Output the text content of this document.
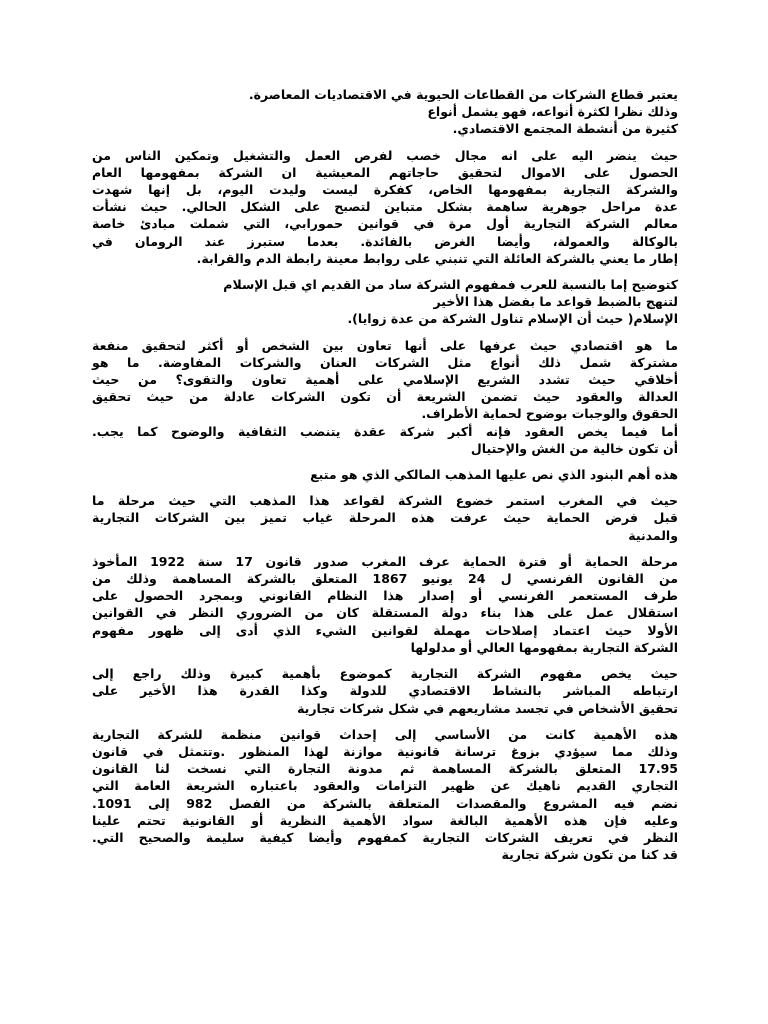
يعتبر قطاع الشركات من القطاعات الحيوية في الاقتصاديات المعاصرة.
وذلك نظرا لكثرة أنواعه، فهو يشمل أنواع
كثيرة من أنشطة المجتمع الاقتصادي.
حيث ينضر اليه على انه مجال خصب لفرص العمل والتشغيل وتمكين الناس من
الحصول على الاموال لتحقيق حاجاتهم المعيشية ان الشركة بمفهومها العام
والشركة التجارية بمفهومها الخاص، كفكرة ليست وليدت اليوم، بل إنها شهدت
عدة مراحل جوهرية ساهمة بشكل متباين لتصبح على الشكل الحالي. حيث نشأت
معالم الشركة التجارية أول مرة في قوانين حمورابي، التي شملت مبادئ خاصة
بالوكالة والعمولة، وأيضا الغرض بالفائدة. بعدما ستبرز عند الرومان في
إطار ما يعني بالشركة العائلة التي تنبني على روابط معينة رابطة الدم والقرابة.
كتوضيح إما بالنسبة للعرب فمفهوم الشركة ساد من القديم اي قبل الإسلام
لتنهج بالضبط قواعد ما بفضل هذا الأخير
الإسلام( حيث أن الإسلام تناول الشركة من عدة زوايا).
ما هو اقتصادي حيث عرفها على أنها تعاون بين الشخص أو أكثر لتحقيق منفعة
مشتركة شمل ذلك أنواع مثل الشركات العنان والشركات المفاوضة. ما هو
أخلاقي حيث تشدد الشريع الإسلامي على أهمية تعاون والتقوى؟ من حيث
العدالة والعقود حيث تضمن الشريعة أن تكون الشركات عادلة من حيث تحقيق
الحقوق والوجبات بوضوح لحماية الأطراف.
أما فيما يخص العقود فإنه أكبر شركة عقدة يتنضب الثقافية والوضوح كما يجب.
أن تكون خالية من الغش والإحتيال
هذه أهم البنود الذي نص عليها المذهب المالكي الذي هو متبع
حيث في المغرب استمر خضوع الشركة لقواعد هذا المذهب التي حيث مرحلة ما
قبل فرض الحماية حيث عرفت هذه المرحلة غياب تميز بين الشركات التجارية
والمدنية
مرحلة الحماية أو فترة الحماية عرف المغرب صدور قانون 17 سنة 1922 المأخوذ
من القانون الفرنسي ل 24 يونيو 1867 المتعلق بالشركة المساهمة وذلك من
طرف المستعمر الفرنسي أو إصدار هذا النظام القانوني وبمجرد الحصول على
استقلال عمل على هذا بناء دولة المستقلة كان من الضروري النظر في القوانين
الأولا حيث اعتماد إصلاحات مهملة لقوانين الشيء الذي أدى إلى ظهور مفهوم
الشركة التجارية بمفهومها العالي أو مدلولها
حيث يخص مفهوم الشركة التجارية كموضوع بأهمية كبيرة وذلك راجع إلى
ارتباطه المباشر بالنشاط الاقتصادي للدولة وكذا القدرة هذا الأخير على
تحقيق الأشخاص في تجسد مشاريعهم في شكل شركات تجارية
هذه الأهمية كانت من الأساسي إلى إحداث قوانين منظمة للشركة التجارية
وذلك مما سيؤدي بزوغ ترسانة قانونية موازنة لهذا المنظور .وتتمثل في قانون
17.95 المتعلق بالشركة المساهمة ثم مدونة التجارة التي نسخت لنا القانون
التجاري القديم ناهيك عن ظهير التزامات والعقود باعتباره الشريعة العامة التي
نضم فيه المشروع والمقصدات المتعلقة بالشركة من الفصل 982 إلى 1091.
وعليه فإن هذه الأهمية البالغة سواد الأهمية النظرية أو القانونية تحتم علينا
النظر في تعريف الشركات التجارية كمفهوم وأيضا كيفية سليمة والصحيح التي.
قد كنا من تكون شركة تجارية
